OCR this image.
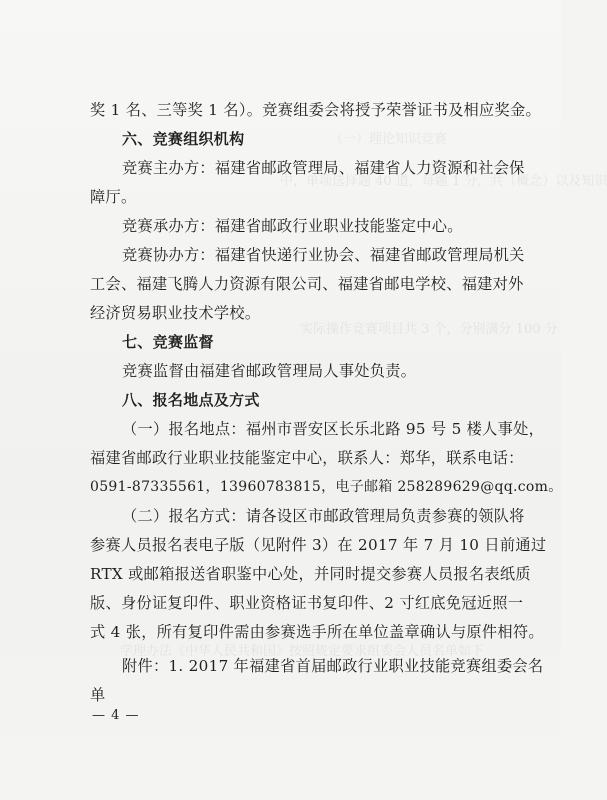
（一）理论知识竞赛
中，单项选择题 40 道，每题 1 分，共（概念）以及知识
实际操作竞赛项目共 3 个，分别满分 100 分
学理办法《中华人民共和国》按照规定要求组委会人员名单如下
奖 1 名、三等奖 1 名）。竞赛组委会将授予荣誉证书及相应奖金。
六、竞赛组织机构
竞赛主办方：福建省邮政管理局、福建省人力资源和社会保
障厅。
竞赛承办方：福建省邮政行业职业技能鉴定中心。
竞赛协办方：福建省快递行业协会、福建省邮政管理局机关
工会、福建飞腾人力资源有限公司、福建省邮电学校、福建对外
经济贸易职业技术学校。
七、竞赛监督
竞赛监督由福建省邮政管理局人事处负责。
八、报名地点及方式
（一）报名地点：福州市晋安区长乐北路 95 号 5 楼人事处，
福建省邮政行业职业技能鉴定中心，联系人：郑华，联系电话：
0591-87335561，13960783815，电子邮箱 258289629@qq.com。
（二）报名方式：请各设区市邮政管理局负责参赛的领队将
参赛人员报名表电子版（见附件 3）在 2017 年 7 月 10 日前通过
RTX 或邮箱报送省职鉴中心处，并同时提交参赛人员报名表纸质
版、身份证复印件、职业资格证书复印件、2 寸红底免冠近照一
式 4 张，所有复印件需由参赛选手所在单位盖章确认与原件相符。
附件：1. 2017 年福建省首届邮政行业职业技能竞赛组委会名
单
— 4 —
